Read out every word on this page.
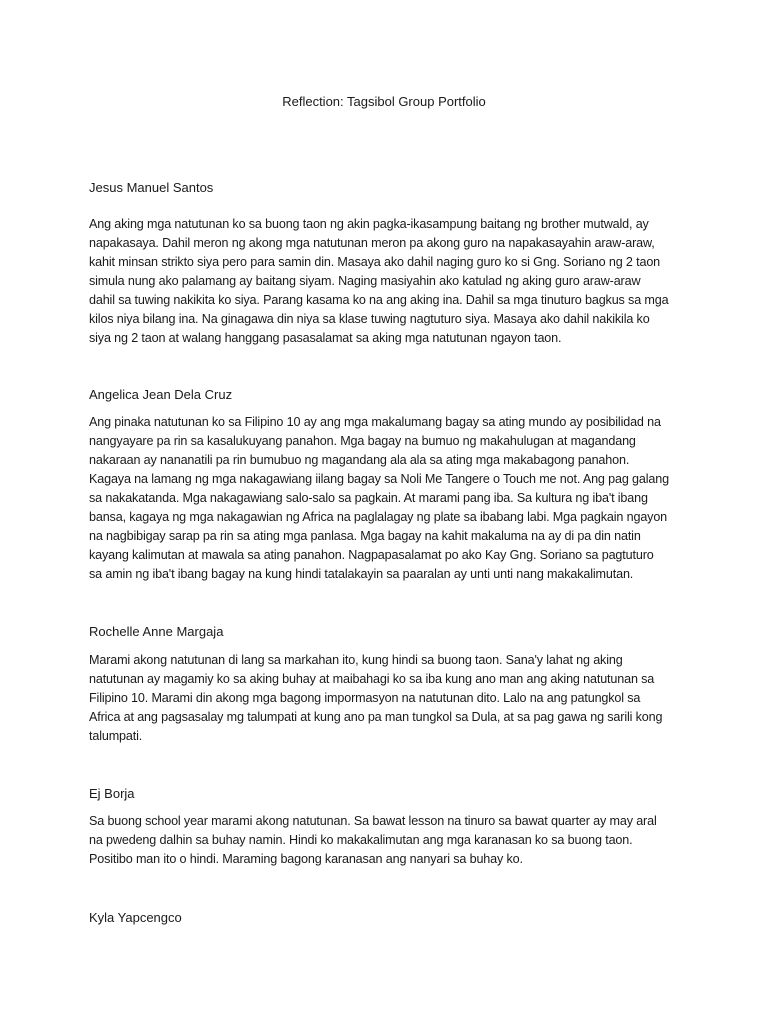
Reflection: Tagsibol Group Portfolio
Jesus Manuel Santos
Ang aking mga natutunan ko sa buong taon ng akin pagka-ikasampung baitang ng brother mutwald, ay
napakasaya. Dahil meron ng akong mga natutunan meron pa akong guro na napakasayahin araw-araw,
kahit minsan strikto siya pero para samin din. Masaya ako dahil naging guro ko si Gng. Soriano ng 2 taon
simula nung ako palamang ay baitang siyam. Naging masiyahin ako katulad ng aking guro araw-araw
dahil sa tuwing nakikita ko siya. Parang kasama ko na ang aking ina. Dahil sa mga tinuturo bagkus sa mga
kilos niya bilang ina. Na ginagawa din niya sa klase tuwing nagtuturo siya. Masaya ako dahil nakikila ko
siya ng 2 taon at walang hanggang pasasalamat sa aking mga natutunan ngayon taon.
Angelica Jean Dela Cruz
Ang pinaka natutunan ko sa Filipino 10 ay ang mga makalumang bagay sa ating mundo ay posibilidad na
nangyayare pa rin sa kasalukuyang panahon. Mga bagay na bumuo ng makahulugan at magandang
nakaraan ay nananatili pa rin bumubuo ng magandang ala ala sa ating mga makabagong panahon.
Kagaya na lamang ng mga nakagawiang iilang bagay sa Noli Me Tangere o Touch me not. Ang pag galang
sa nakakatanda. Mga nakagawiang salo-salo sa pagkain. At marami pang iba. Sa kultura ng iba't ibang
bansa, kagaya ng mga nakagawian ng Africa na paglalagay ng plate sa ibabang labi. Mga pagkain ngayon
na nagbibigay sarap pa rin sa ating mga panlasa. Mga bagay na kahit makaluma na ay di pa din natin
kayang kalimutan at mawala sa ating panahon. Nagpapasalamat po ako Kay Gng. Soriano sa pagtuturo
sa amin ng iba't ibang bagay na kung hindi tatalakayin sa paaralan ay unti unti nang makakalimutan.
Rochelle Anne Margaja
Marami akong natutunan di lang sa markahan ito, kung hindi sa buong taon. Sana'y lahat ng aking
natutunan ay magamiy ko sa aking buhay at maibahagi ko sa iba kung ano man ang aking natutunan sa
Filipino 10. Marami din akong mga bagong impormasyon na natutunan dito. Lalo na ang patungkol sa
Africa at ang pagsasalay mg talumpati at kung ano pa man tungkol sa Dula, at sa pag gawa ng sarili kong
talumpati.
Ej Borja
Sa buong school year marami akong natutunan. Sa bawat lesson na tinuro sa bawat quarter ay may aral
na pwedeng dalhin sa buhay namin. Hindi ko makakalimutan ang mga karanasan ko sa buong taon.
Positibo man ito o hindi. Maraming bagong karanasan ang nanyari sa buhay ko.
Kyla Yapcengco
